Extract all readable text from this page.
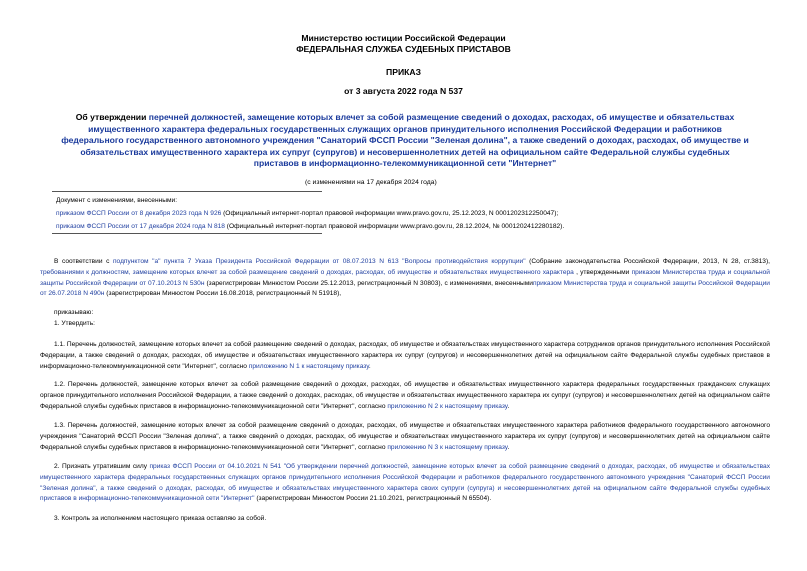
Министерство юстиции Российской Федерации
ФЕДЕРАЛЬНАЯ СЛУЖБА СУДЕБНЫХ ПРИСТАВОВ
ПРИКАЗ
от 3 августа 2022 года N 537
Об утверждении перечней должностей, замещение которых влечет за собой размещение сведений о доходах, расходах, об имуществе и обязательствах имущественного характера федеральных государственных служащих органов принудительного исполнения Российской Федерации и работников федерального государственного автономного учреждения "Санаторий ФССП России "Зеленая долина", а также сведений о доходах, расходах, об имуществе и обязательствах имущественного характера их супруг (супругов) и несовершеннолетних детей на официальном сайте Федеральной службы судебных приставов в информационно-телекоммуникационной сети "Интернет"
(с изменениями на 17 декабря 2024 года)
Документ с изменениями, внесенными:
приказом ФССП России от 8 декабря 2023 года N 926 (Официальный интернет-портал правовой информации www.pravo.gov.ru, 25.12.2023, N 0001202312250047);
приказом ФССП России от 17 декабря 2024 года N 818 (Официальный интернет-портал правовой информации www.pravo.gov.ru, 28.12.2024, № 0001202412280182).
В соответствии с подпунктом "а" пункта 7 Указа Президента Российской Федерации от 08.07.2013 N 613 "Вопросы противодействия коррупции" (Собрание законодательства Российской Федерации, 2013, N 28, ст.3813), требованиями к должностям, замещение которых влечет за собой размещение сведений о доходах, расходах, об имуществе и обязательствах имущественного характера , утвержденными приказом Министерства труда и социальной защиты Российской Федерации от 07.10.2013 N 530н (зарегистрирован Минюстом России 25.12.2013, регистрационный N 30803), с изменениями, внесеннымиприказом Министерства труда и социальной защиты Российской Федерации от 26.07.2018 N 490н (зарегистрирован Минюстом России 16.08.2018, регистрационный N 51918),
приказываю:
1. Утвердить:
1.1. Перечень должностей, замещение которых влечет за собой размещение сведений о доходах, расходах, об имуществе и обязательствах имущественного характера сотрудников органов принудительного исполнения Российской Федерации, а также сведений о доходах, расходах, об имуществе и обязательствах имущественного характера их супруг (супругов) и несовершеннолетних детей на официальном сайте Федеральной службы судебных приставов в информационно-телекоммуникационной сети "Интернет", согласно приложению N 1 к настоящему приказу.
1.2. Перечень должностей, замещение которых влечет за собой размещение сведений о доходах, расходах, об имуществе и обязательствах имущественного характера федеральных государственных гражданских служащих органов принудительного исполнения Российской Федерации, а также сведений о доходах, расходах, об имуществе и обязательствах имущественного характера их супруг (супругов) и несовершеннолетних детей на официальном сайте Федеральной службы судебных приставов в информационно-телекоммуникационной сети "Интернет", согласно приложению N 2 к настоящему приказу.
1.3. Перечень должностей, замещение которых влечет за собой размещение сведений о доходах, расходах, об имуществе и обязательствах имущественного характера работников федерального государственного автономного учреждения "Санаторий ФССП России "Зеленая долина", а также сведений о доходах, расходах, об имуществе и обязательствах имущественного характера их супруг (супругов) и несовершеннолетних детей на официальном сайте Федеральной службы судебных приставов в информационно-телекоммуникационной сети "Интернет", согласно приложению N 3 к настоящему приказу.
2. Признать утратившим силу приказ ФССП России от 04.10.2021 N 541 "Об утверждении перечней должностей, замещение которых влечет за собой размещение сведений о доходах, расходах, об имуществе и обязательствах имущественного характера федеральных государственных служащих органов принудительного исполнения Российской Федерации и работников федерального государственного автономного учреждения "Санаторий ФССП России "Зеленая долина", а также сведений о доходах, расходах, об имуществе и обязательствах имущественного характера своих супруги (супруга) и несовершеннолетних детей на официальном сайте Федеральной службы судебных приставов в информационно-телекоммуникационной сети "Интернет" (зарегистрирован Минюстом России 21.10.2021, регистрационный N 65504).
3. Контроль за исполнением настоящего приказа оставляю за собой.
